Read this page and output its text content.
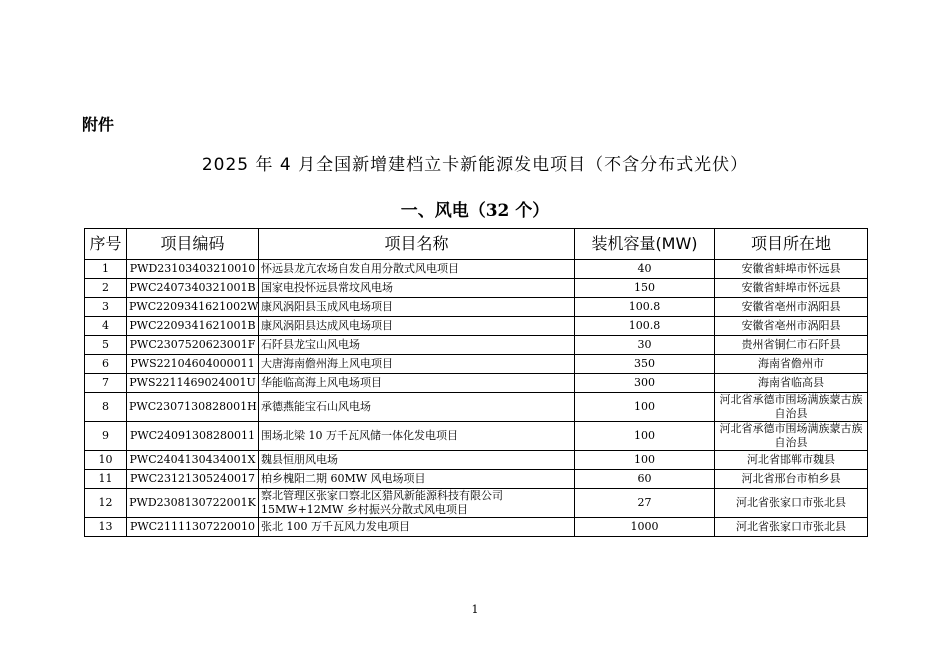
附件
2025 年 4 月全国新增建档立卡新能源发电项目（不含分布式光伏）
一、风电（32 个）
序号	项目编码	项目名称	装机容量(MW)	项目所在地
1	PWD23103403210010	怀远县龙亢农场自发自用分散式风电项目	40	安徽省蚌埠市怀远县
2	PWC2407340321001B	国家电投怀远县常坟风电场	150	安徽省蚌埠市怀远县
3	PWC2209341621002W	康风涡阳县玉成风电场项目	100.8	安徽省亳州市涡阳县
4	PWC2209341621001B	康风涡阳县达成风电场项目	100.8	安徽省亳州市涡阳县
5	PWC2307520623001F	石阡县龙宝山风电场	30	贵州省铜仁市石阡县
6	PWS22104604000011	大唐海南儋州海上风电项目	350	海南省儋州市
7	PWS2211469024001U	华能临高海上风电场项目	300	海南省临高县
8	PWC2307130828001H	承德燕能宝石山风电场	100	河北省承德市围场满族蒙古族自治县
9	PWC24091308280011	围场北梁 10 万千瓦风储一体化发电项目	100	河北省承德市围场满族蒙古族自治县
10	PWC2404130434001X	魏县恒朋风电场	100	河北省邯郸市魏县
11	PWC23121305240017	柏乡槐阳二期 60MW 风电场项目	60	河北省邢台市柏乡县
12	PWD2308130722001K	察北管理区张家口察北区猎风新能源科技有限公司 15MW+12MW 乡村振兴分散式风电项目	27	河北省张家口市张北县
13	PWC21111307220010	张北 100 万千瓦风力发电项目	1000	河北省张家口市张北县
1
